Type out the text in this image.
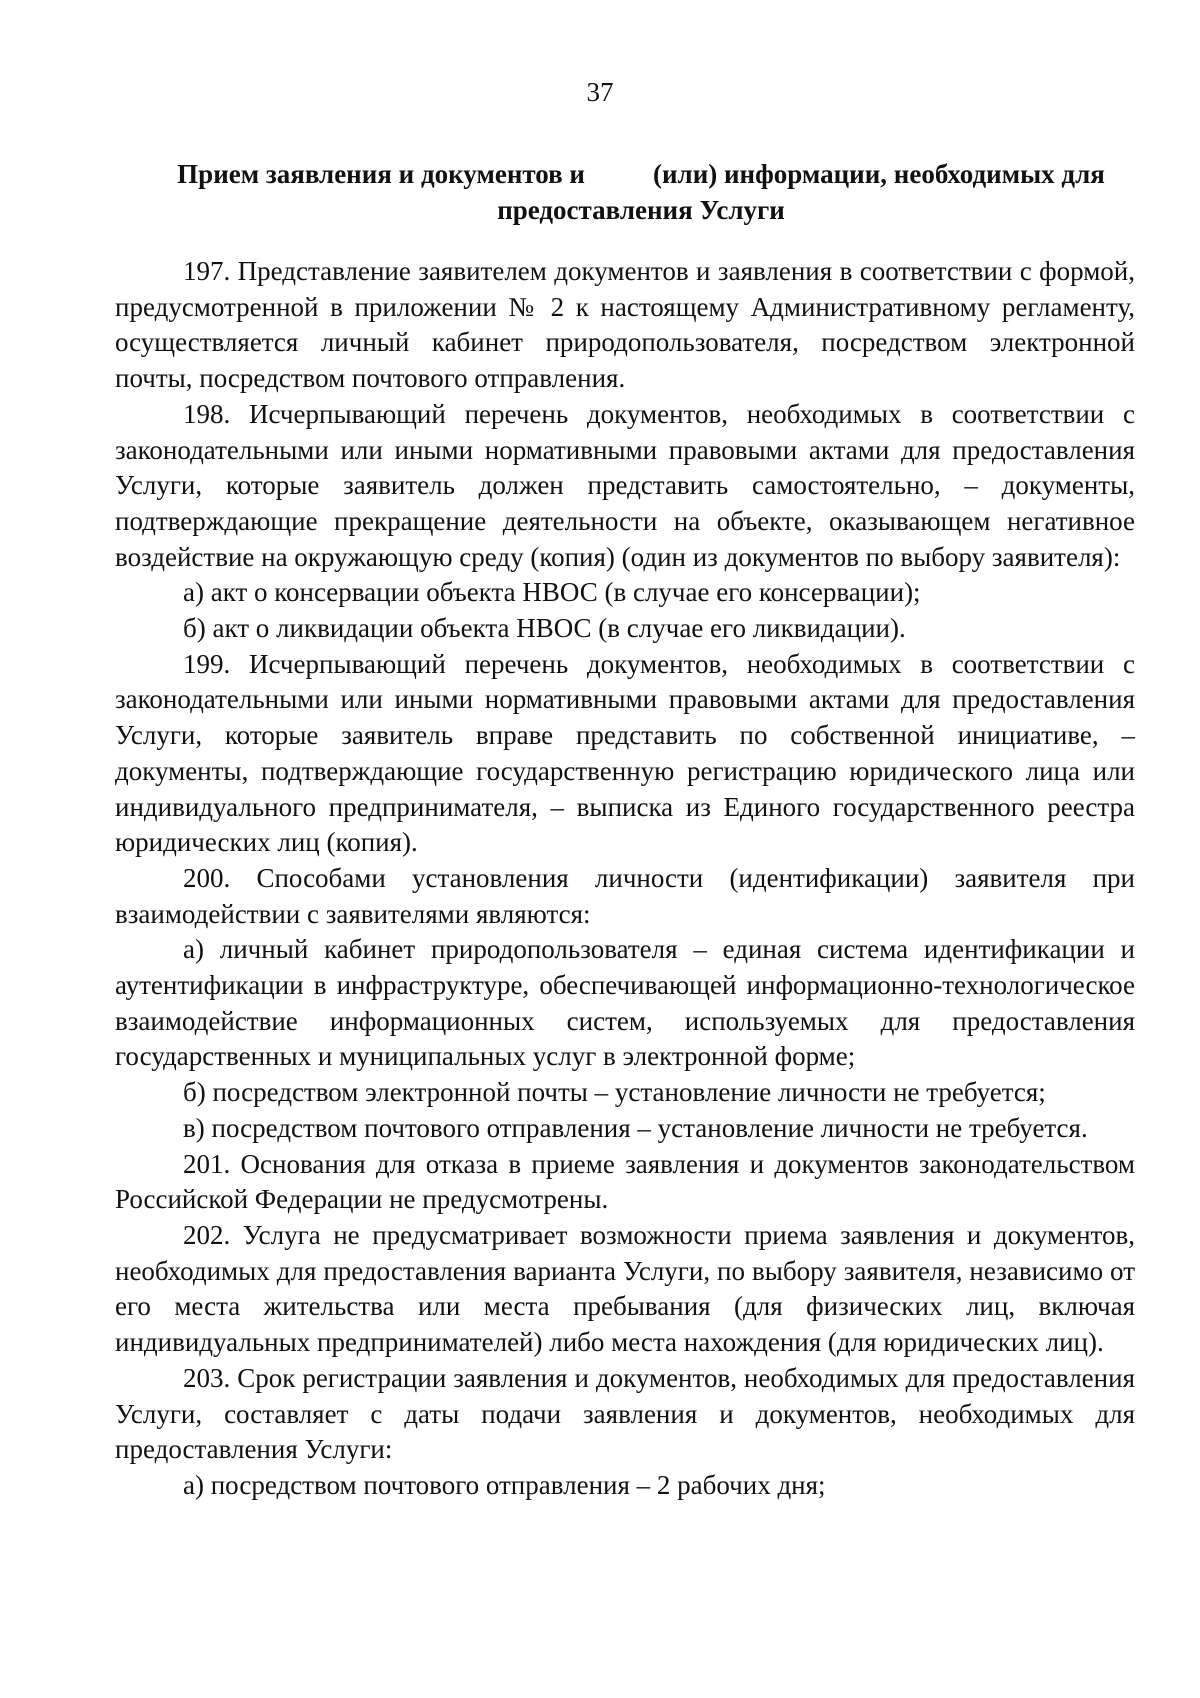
37
Прием заявления и документов и	(или) информации, необходимых для
предоставления Услуги

197. Представление заявителем документов и заявления в соответствии с формой, предусмотренной в приложении № 2 к настоящему Административному регламенту, осуществляется личный кабинет природопользователя, посредством электронной почты, посредством почтового отправления.

198. Исчерпывающий перечень документов, необходимых в соответствии с законодательными или иными нормативными правовыми актами для предоставления Услуги, которые заявитель должен представить самостоятельно, – документы, подтверждающие прекращение деятельности на объекте, оказывающем негативное воздействие на окружающую среду (копия) (один из документов по выбору заявителя):

а) акт о консервации объекта НВОС (в случае его консервации);

б) акт о ликвидации объекта НВОС (в случае его ликвидации).

199. Исчерпывающий перечень документов, необходимых в соответствии с законодательными или иными нормативными правовыми актами для предоставления Услуги, которые заявитель вправе представить по собственной инициативе, – документы, подтверждающие государственную регистрацию юридического лица или индивидуального предпринимателя, – выписка из Единого государственного реестра юридических лиц (копия).

200. Способами установления личности (идентификации) заявителя при взаимодействии с заявителями являются:

а) личный кабинет природопользователя – единая система идентификации и аутентификации в инфраструктуре, обеспечивающей информационно-технологическое взаимодействие информационных систем, используемых для предоставления государственных и муниципальных услуг в электронной форме;

б) посредством электронной почты – установление личности не требуется;

в) посредством почтового отправления – установление личности не требуется.

201. Основания для отказа в приеме заявления и документов законодательством Российской Федерации не предусмотрены.

202. Услуга не предусматривает возможности приема заявления и документов, необходимых для предоставления варианта Услуги, по выбору заявителя, независимо от его места жительства или места пребывания (для физических лиц, включая индивидуальных предпринимателей) либо места нахождения (для юридических лиц).

203. Срок регистрации заявления и документов, необходимых для предоставления Услуги, составляет с даты подачи заявления и документов, необходимых для предоставления Услуги:

а) посредством почтового отправления – 2 рабочих дня;
